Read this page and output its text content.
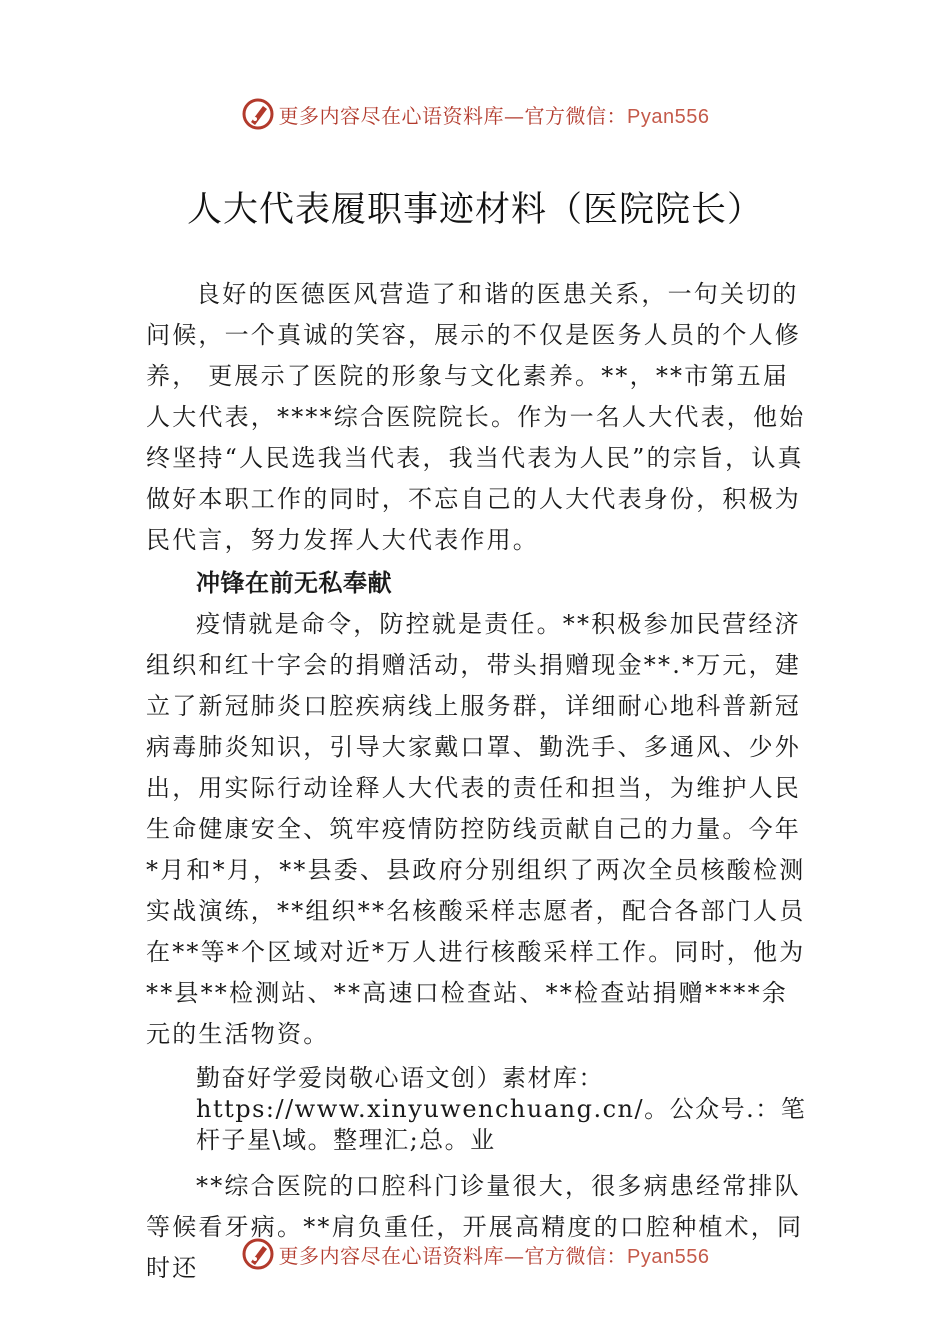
更多内容尽在心语资料库—官方微信：Pyan556
人大代表履职事迹材料（医院院长）

良好的医德医风营造了和谐的医患关系，一句关切的问候，一个真诚的笑容，展示的不仅是医务人员的个人修养， 更展示了医院的形象与文化素养。**，**市第五届人大代表，****综合医院院长。作为一名人大代表，他始终坚持“人民选我当代表，我当代表为人民”的宗旨，认真做好本职工作的同时，不忘自己的人大代表身份，积极为民代言，努力发挥人大代表作用。

冲锋在前无私奉献

疫情就是命令，防控就是责任。**积极参加民营经济组织和红十字会的捐赠活动，带头捐赠现金**.*万元，建立了新冠肺炎口腔疾病线上服务群，详细耐心地科普新冠病毒肺炎知识，引导大家戴口罩、勤洗手、多通风、少外出，用实际行动诠释人大代表的责任和担当，为维护人民生命健康安全、筑牢疫情防控防线贡献自己的力量。今年*月和*月，**县委、县政府分别组织了两次全员核酸检测实战演练，**组织**名核酸采样志愿者，配合各部门人员在**等*个区域对近*万人进行核酸采样工作。同时，他为**县**检测站、**高速口检查站、**检查站捐赠****余元的生活物资。

勤奋好学爱岗敬心语文创）素材库：https://www.xinyuwenchuang.cn/。公众号.：笔杆子星\域。整理汇;总。业

**综合医院的口腔科门诊量很大，很多病患经常排队等候看牙病。**肩负重任，开展高精度的口腔种植术，同时还	更多内容尽在心语资料库—官方微信：Pyan556
